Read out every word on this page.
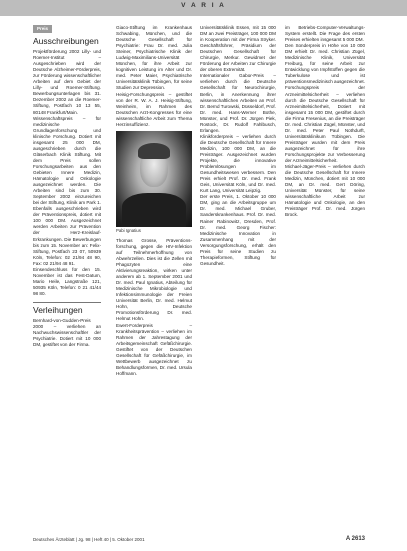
V A R I A
Preis
Ausschreibungen

Projektförderung 2002 Lilly- und Roemer-Institut – Ausgeschrieben wird der Deutsche Alzheimer-Förderpreis, zur Förderung wissenschaftlicher Arbeiten auf dem Gebiet der Lilly- und Roemer-Stiftung. Bewerbungsunterlagen bis 31. Dezember 2002 an die Roemer-Stiftung, Postfach 10 13 55, 80148 Frankfurt/Main.

Wissenschaftspreis – für medizinische Grundlagenforschung und klinische Forschung. Dotiert mit insgesamt 25 000 DM, ausgeschrieben durch die Gläserbach Klinik Stiftung. Mit dem Preis sollen Forschungsarbeiten aus den Gebieten Innere Medizin, Hämatologie und Onkologie ausgezeichnet werden. Die Arbeiten sind bis zum 30. September 2002 einzureichen bei der Stiftung, Klinik am Park 1.

Ebenfalls ausgeschrieben wird der Präventionspreis, dotiert mit 100 000 DM. Ausgezeichnet werden Arbeiten zur Prävention der Herz-Kreislauf-Erkrankungen. Die Bewerbungen bis zum 15. November an: Felix-Stiftung, Postfach 23 07, 50939 Köln, Telefon: 02 21/94 48 90, Fax: 02 21/94 48 91.

Einsendeschluss für den 15. November ist das Fest-Datum, Mario Heile, Langstraße 121, 50935 Köln, Telefon: 0 21 41/44 98 80.

Verleihungen

Bernhard-von-Gudden-Preis 2000 – verliehen an Nachwuchswissenschaftler der Psychiatrie. Dotiert mit 10 000 DM, gestiftet von der Firma.

Giaco-Stiftung im Krankenhaus Schwabing, München, und die Deutsche Gesellschaft für Psychiatrie: Frau Dr. med. Julia Steiner, Psychiatrische Klinik der Ludwig-Maximilians-Universität München, für ihre Arbeit zur kognitiven Leistung im Alter und Dr. med. Peter Maier, Psychiatrische Universitätsklinik Tübingen, für seine Studien zur Depression.

Heisig-Forschungspreis – gestiftet von der R. W. A. J. Heisig-Stiftung, Weinheim, im Rahmen des Deutschen Arzt-Kongresses für eine wissenschaftliche Arbeit zum Thema Herzinsuffizienz.

Pabi Ignatius

Thomas Grosse, Präventions-forschung, gegen die HIV-Infektion auf Teilnehmerhoffnung von Abwehrzellen. Dies ist die Zellen mit Phagozyten eine Aktivierungsreaktion, wirken unter anderem ab 1. September 2001 und Dr. med. Paul Ignatius, Abteilung für Medizinische Mikrobiologie und Infektionsimmunologie der Freien Universität Berlin, Dr. med. Helmut Hohn, Deutsche Promotionsförderung Dr. med. Helmut Hohn.

Ewert-Forderpreis – Krankheitsprävention – verliehen im Rahmen der Jahrestagung der Arbeitsgemeinschaft Gefäßchirurgie. Gestiftet von der Deutschen Gesellschaft für Gefäßchirurgie, im Wettbewerb ausgezeichnet zu Behandlungsformen, Dr. med. Ursula Hoffmann.

Universitätsklinik Essen, mit 15 000 DM an zwei Preisträger, 100 000 DM in Kooperation mit der Firma Stryker. Geschäftsführer, Präsidium der Deutschen Gesellschaft für Chirurgie, Merkur. Gewidmet der Förderung der Arbeiten zur Chirurgie der oberen Extremität.

Internationaler Gabor-Preis – verliehen durch die Deutsche Gesellschaft für Neurochirurgie, Berlin, in Anerkennung ihrer wissenschaftlichen Arbeiten an Prof. Dr. Bernd Turowski, Düsseldorf, Prof. Dr. med. Hans-Werner Bothe, Münster, und Prof. Dr. Jürgen Piek, Rostock, Dr. Rudolf Fahlbusch, Erlangen.

Klinikforderpreis – verliehen durch die Deutsche Gesellschaft für Innere Medizin, 100 000 DM, an die Preisträger. Ausgezeichnet wurden Projekte, die innovative Problemlösungen im Gesundheitswesen verbessern. Den Preis erhielt Prof. Dr. med. Frank Geis, Universität Köln, und Dr. med. Kurt Lang, Universität Leipzig.

Der erste Preis, 1. Oktober 10 000 DM, ging an die Arbeitsgruppe um Dr. med. Michael Gruber, Sanderskrankenhaus. Prof. Dr. med. Rainer Rabinowitz, Dresden, Prof. Dr. med. Georg Fischer: Medizinische Innovation in Zusammenhang mit der Versorgungsforschung, erhält den Preis für seine Studien zu Therapieformen, Stiftung für Gesundheit.

im Betriebs-Computer-Verwaltungs-System erstellt. Die Frage des ersten Preises erhielten insgesamt 5 000 DM.

Den Sonderpreis in Höhe von 10 000 DM erhielt Dr. med. Christian Zügel, Medizinische Klinik, Universität Freiburg, für seine Arbeit zur Entwicklung von Impfstoffen gegen die Tuberkulose und ist präventionsmedizinisch ausgezeichnet.

Forschungspreis der Arzneimittelsicherheit – verliehen durch die Deutsche Gesellschaft für Arzneimittelsicherheit, Dotiert mit insgesamt 15 000 DM, gestiftet durch die Firma Fresenius, an die Preisträger Dr. med. Christian Zügel, Münster, und Dr. med. Peter Paul Nothdurft, Universitätsklinikum Tübingen. Die Preisträger wurden mit dem Preis ausgezeichnet für ihre Forschungsprojekte zur Verbesserung der Arzneimittelsicherheit.

Michael-Jäger-Preis – verliehen durch die Deutsche Gesellschaft für Innere Medizin, München, dotiert mit 10 000 DM, an Dr. med. Gert Döring, Universität Münster, für seine wissenschaftliche Arbeit zur Hämatologie und Onkologie, an den Preisträger Prof. Dr. med. Jürgen Brock.

Deutsches Ärzteblatt | Jg. 98 | Heft 40 | 5. Oktober 2001	A 2613
